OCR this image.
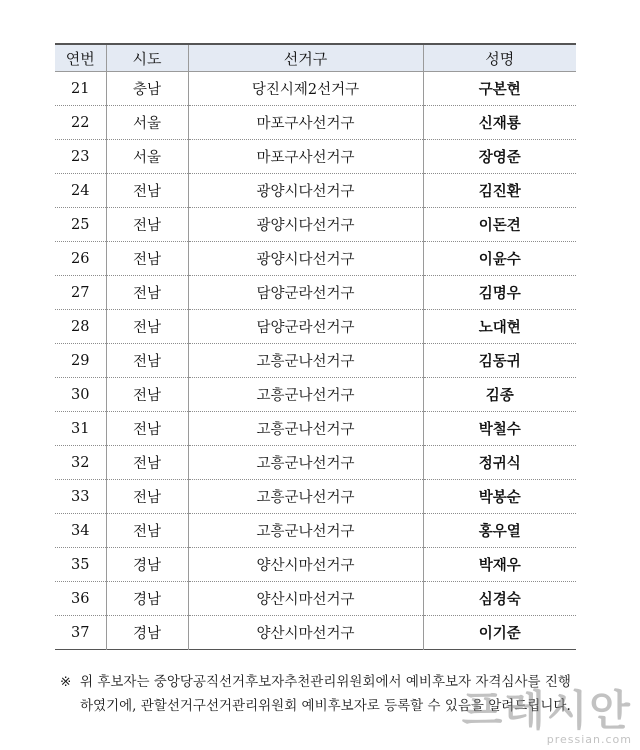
연번	시도	선거구	성명
21	충남	당진시제2선거구	구본현
22	서울	마포구사선거구	신재룡
23	서울	마포구사선거구	장영준
24	전남	광양시다선거구	김진환
25	전남	광양시다선거구	이돈견
26	전남	광양시다선거구	이윤수
27	전남	담양군라선거구	김명우
28	전남	담양군라선거구	노대현
29	전남	고흥군나선거구	김동귀
30	전남	고흥군나선거구	김종
31	전남	고흥군나선거구	박철수
32	전남	고흥군나선거구	정귀식
33	전남	고흥군나선거구	박봉순
34	전남	고흥군나선거구	홍우열
35	경남	양산시마선거구	박재우
36	경남	양산시마선거구	심경숙
37	경남	양산시마선거구	이기준
※ 위 후보자는 중앙당공직선거후보자추천관리위원회에서 예비후보자 자격심사를 진행
하였기에, 관할선거구선거관리위원회 예비후보자로 등록할 수 있음을 알려드립니다.
프레시안
pressian.com
